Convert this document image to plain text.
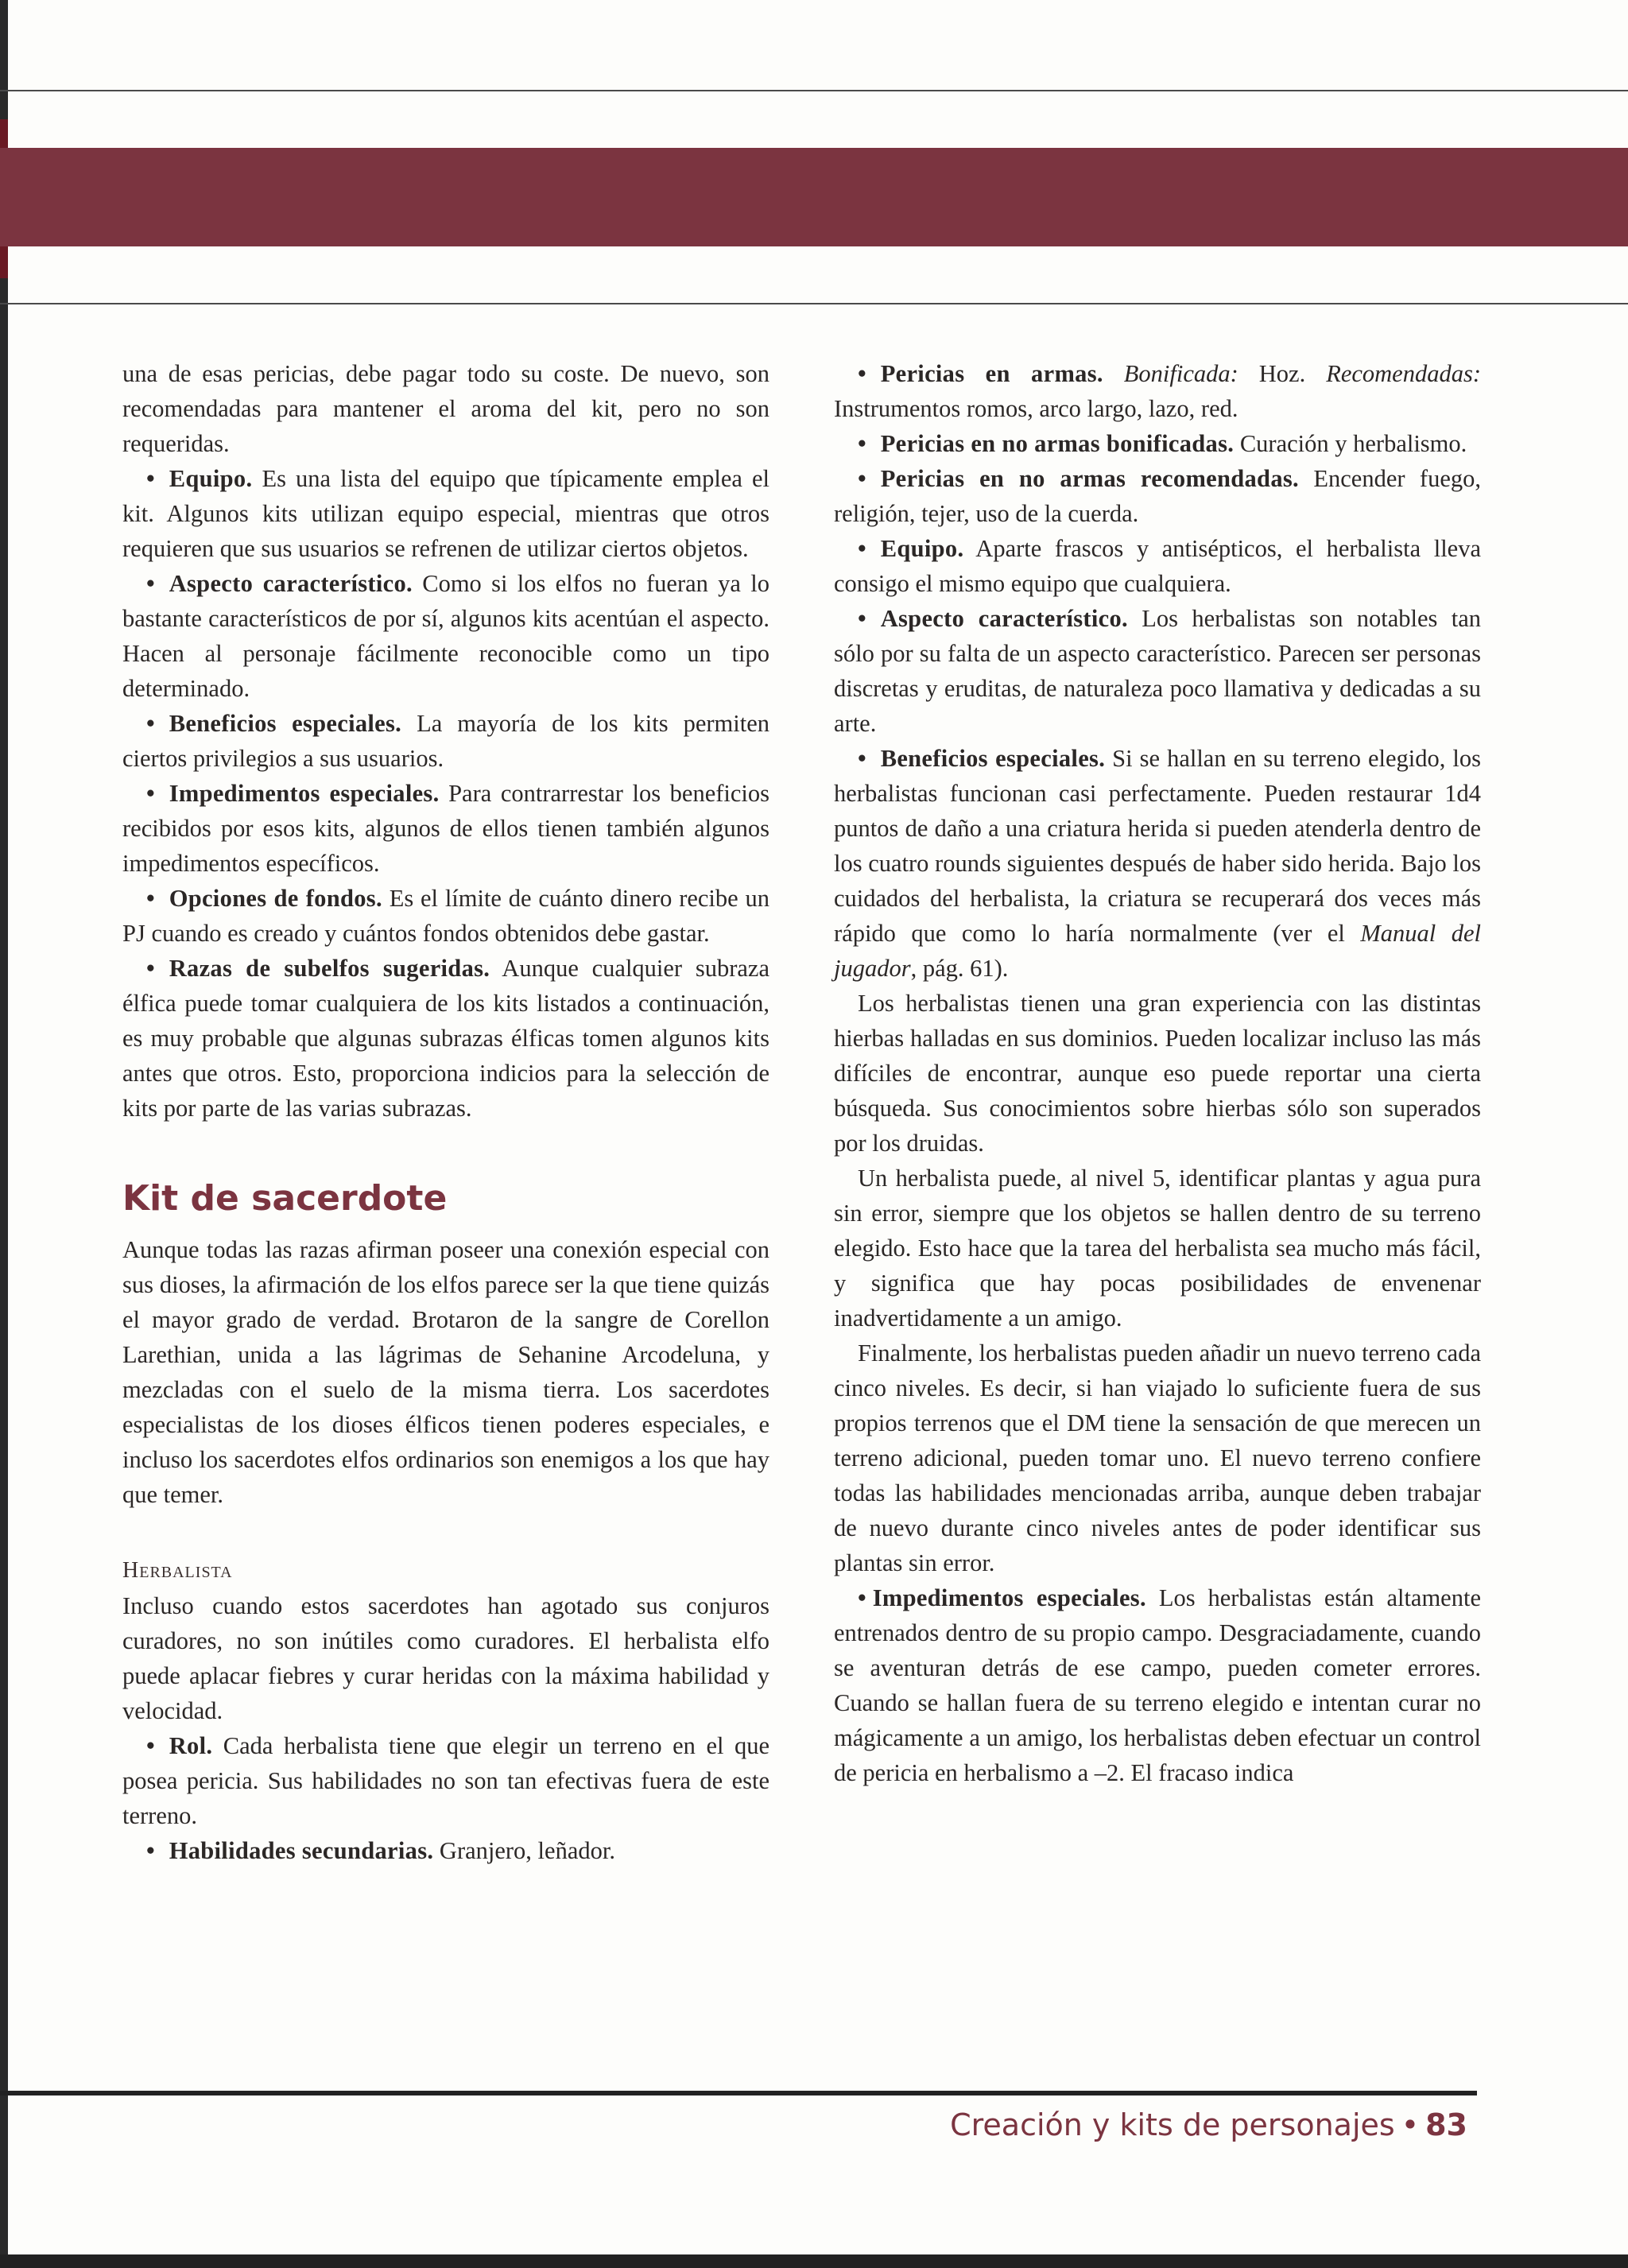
una de esas pericias, debe pagar todo su coste. De nuevo, son recomendadas para mantener el aroma del kit, pero no son requeridas.

• Equipo. Es una lista del equipo que típicamente emplea el kit. Algunos kits utilizan equipo especial, mientras que otros requieren que sus usuarios se refrenen de utilizar ciertos objetos.

• Aspecto característico. Como si los elfos no fueran ya lo bastante característicos de por sí, algunos kits acentúan el aspecto. Hacen al personaje fácilmente reconocible como un tipo determinado.

• Beneficios especiales. La mayoría de los kits permiten ciertos privilegios a sus usuarios.

• Impedimentos especiales. Para contrarrestar los beneficios recibidos por esos kits, algunos de ellos tienen también algunos impedimentos específicos.

• Opciones de fondos. Es el límite de cuánto dinero recibe un PJ cuando es creado y cuántos fondos obtenidos debe gastar.

• Razas de subelfos sugeridas. Aunque cualquier subraza élfica puede tomar cualquiera de los kits listados a continuación, es muy probable que algunas subrazas élficas tomen algunos kits antes que otros. Esto, proporciona indicios para la selección de kits por parte de las varias subrazas.

Kit de sacerdote

Aunque todas las razas afirman poseer una conexión especial con sus dioses, la afirmación de los elfos parece ser la que tiene quizás el mayor grado de verdad. Brotaron de la sangre de Corellon Larethian, unida a las lágrimas de Sehanine Arcodeluna, y mezcladas con el suelo de la misma tierra. Los sacerdotes especialistas de los dioses élficos tienen poderes especiales, e incluso los sacerdotes elfos ordinarios son enemigos a los que hay que temer.

Herbalista

Incluso cuando estos sacerdotes han agotado sus conjuros curadores, no son inútiles como curadores. El herbalista elfo puede aplacar fiebres y curar heridas con la máxima habilidad y velocidad.

• Rol. Cada herbalista tiene que elegir un terreno en el que posea pericia. Sus habilidades no son tan efectivas fuera de este terreno.

• Habilidades secundarias. Granjero, leñador.

• Pericias en armas. Bonificada: Hoz. Recomendadas: Instrumentos romos, arco largo, lazo, red.

• Pericias en no armas bonificadas. Curación y herbalismo.

• Pericias en no armas recomendadas. Encender fuego, religión, tejer, uso de la cuerda.

• Equipo. Aparte frascos y antisépticos, el herbalista lleva consigo el mismo equipo que cualquiera.

• Aspecto característico. Los herbalistas son notables tan sólo por su falta de un aspecto característico. Parecen ser personas discretas y eruditas, de naturaleza poco llamativa y dedicadas a su arte.

• Beneficios especiales. Si se hallan en su terreno elegido, los herbalistas funcionan casi perfectamente. Pueden restaurar 1d4 puntos de daño a una criatura herida si pueden atenderla dentro de los cuatro rounds siguientes después de haber sido herida. Bajo los cuidados del herbalista, la criatura se recuperará dos veces más rápido que como lo haría normalmente (ver el Manual del jugador, pág. 61).

Los herbalistas tienen una gran experiencia con las distintas hierbas halladas en sus dominios. Pueden localizar incluso las más difíciles de encontrar, aunque eso puede reportar una cierta búsqueda. Sus conocimientos sobre hierbas sólo son superados por los druidas.

Un herbalista puede, al nivel 5, identificar plantas y agua pura sin error, siempre que los objetos se hallen dentro de su terreno elegido. Esto hace que la tarea del herbalista sea mucho más fácil, y significa que hay pocas posibilidades de envenenar inadvertidamente a un amigo.

Finalmente, los herbalistas pueden añadir un nuevo terreno cada cinco niveles. Es decir, si han viajado lo suficiente fuera de sus propios terrenos que el DM tiene la sensación de que merecen un terreno adicional, pueden tomar uno. El nuevo terreno confiere todas las habilidades mencionadas arriba, aunque deben trabajar de nuevo durante cinco niveles antes de poder identificar sus plantas sin error.

• Impedimentos especiales. Los herbalistas están altamente entrenados dentro de su propio campo. Desgraciadamente, cuando se aventuran detrás de ese campo, pueden cometer errores. Cuando se hallan fuera de su terreno elegido e intentan curar no mágicamente a un amigo, los herbalistas deben efectuar un control de pericia en herbalismo a –2. El fracaso indica

Creación y kits de personajes • 83
